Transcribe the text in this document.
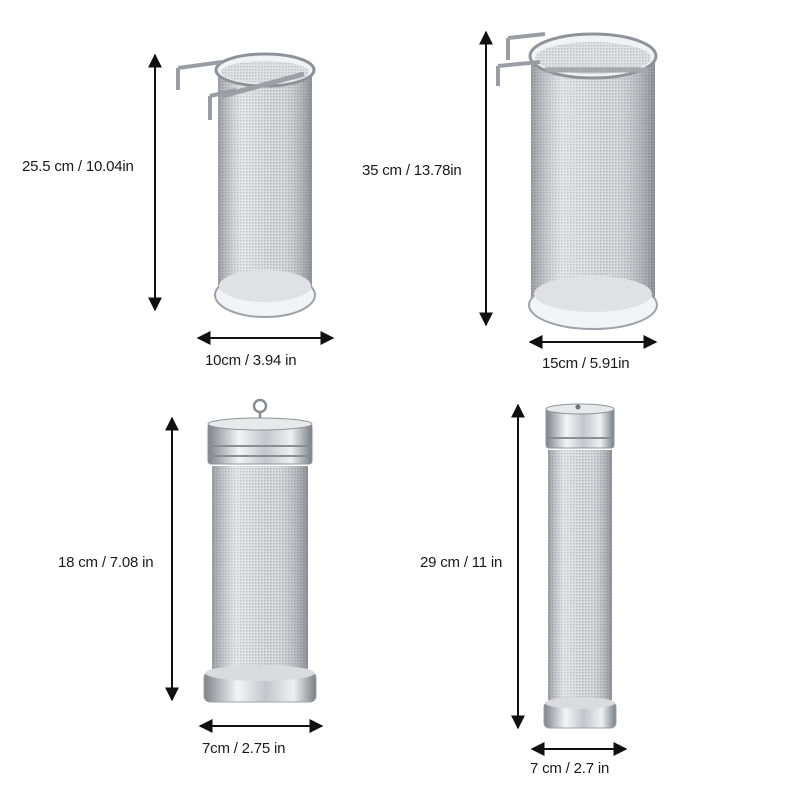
25.5 cm / 10.04in
10cm / 3.94 in
35 cm / 13.78in
15cm / 5.91in
18 cm / 7.08 in
7cm / 2.75 in
29 cm / 11 in
7 cm / 2.7 in
